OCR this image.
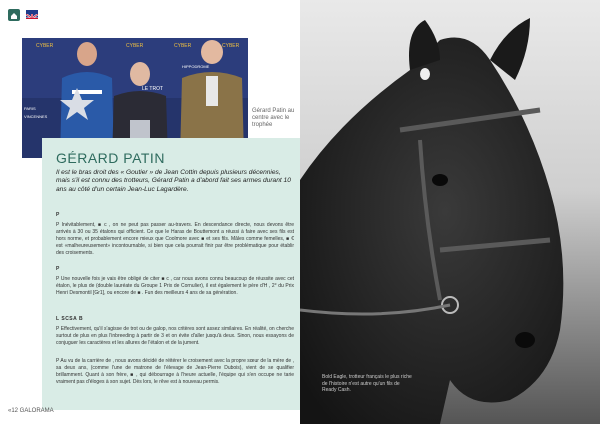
CYBER	CYBER	CYBER	CYBER
LE TROT
HIPPODROME
PARIS
VINCENNES
Gérard Patin au centre avec le trophée
GÉRARD PATIN
Il est le bras droit des « Goutier » de Jean Cottin depuis plusieurs décennies, mais s'il est connu des trotteurs, Gérard Patin a d'abord fait ses armes durant 10 ans au côté d'un certain Jean-Luc Lagardère.
P
P Inévitablement, ■ c , on ne peut pas passer au-travers. En descendance directe, nous devons être arrivés à 30 ou 35 étalons qui officient. Ce que le Haras de Bouttemont a réussi à faire avec ses fils est hors norme, et probablement encore mieux que Coolmore avec ■ et ses fils. Mâles comme femelles, ■ € est «malheureusement» incontournable, si bien que cela pourrait finir par être problématique pour établir des croisements.
P
P Une nouvelle fois je vais être obligé de citer ■ c , car nous avons connu beaucoup de réussite avec cet étalon, le plus de (double lauréate du Groupe 1 Prix de Cornulier), il est également le père d'H , 2° du Prix Henri Desmontil [Gr1], ou encore de ■ . Fun des meilleurs 4 ans de sa génération.
L SCSA B
P Effectivement, qu'il s'agisse de trot ou de galop, nos critères sont assez similaires. En réalité, on cherche surtout de plus en plus l'inbreeding à partir de 3 et on évite d'aller jusqu'à deux. Sinon, nous essayons de conjuguer les caractères et les allures de l'étalon et de la jument.
P Au vu de la carrière de , nous avons décidé de réitérer le croisement avec la propre sœur de la mère de , sa deux ans, (comme l'une de matrone de l'élevage de Jean-Pierre Dubois), vient de se qualifier brillamment. Quant à son frère, ■ , qui débourrage à l'heure actuelle, l'équipe qui s'en occupe ne tarie vraiment pas d'éloges à son sujet. Dès lors, le rêve est à nouveau permis.
«12 GALORAMA
Bold Eagle, trotteur français le plus riche de l'histoire n'est autre qu'un fils de Ready Cash.
